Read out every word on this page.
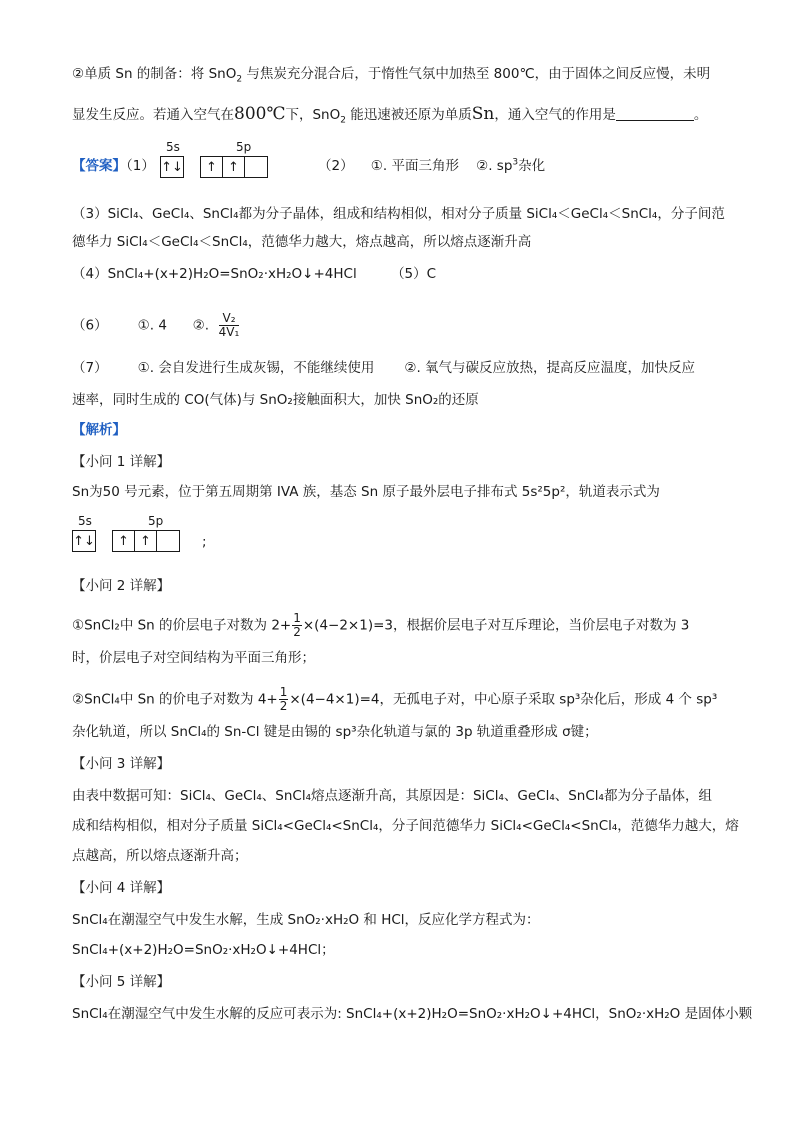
②单质 Sn 的制备：将 SnO$_2$ 与焦炭充分混合后，于惰性气氛中加热至 800℃，由于固体之间反应慢，未明
显发生反应。若通入空气在800℃下，SnO$_2$ 能迅速被还原为单质Sn，通入空气的作用是	。
【答案】（1）
5s	5p
↑↓	↑ ↑	（2） ①. 平面三角形 ②. $sp^3$杂化
（3）SiCl₄、GeCl₄、SnCl₄都为分子晶体，组成和结构相似，相对分子质量 SiCl₄＜GeCl₄＜SnCl₄，分子间范
德华力 SiCl₄＜GeCl₄＜SnCl₄，范德华力越大，熔点越高，所以熔点逐渐升高
（4）SnCl₄+(x+2)H₂O=SnO₂·xH₂O↓+4HCl	（5）C
（6） ①. 4 ②. $\frac{\text{V₂}}{\text{4V₁}}$
（7） ①. 会自发进行生成灰锡，不能继续使用 ②. 氧气与碳反应放热，提高反应温度，加快反应
速率，同时生成的 CO(气体)与 SnO₂接触面积大，加快 SnO₂的还原
【解析】
【小问 1 详解】
Sn为50 号元素，位于第五周期第 IVA 族，基态 Sn 原子最外层电子排布式 5s²5p²，轨道表示式为
5s	5p
↑↓	↑ ↑	;
【小问 2 详解】
①SnCl₂中 Sn 的价层电子对数为 $2+ \frac{1}{2} \times(4-2\times 1)=3$，根据价层电子对互斥理论，当价层电子对数为 3
时，价层电子对空间结构为平面三角形；
②SnCl₄中 Sn 的价电子对数为 $4+ \frac{1}{2} \times(4-4\times 1)=4$，无孤电子对，中心原子采取 sp³杂化后，形成 4 个 sp³
杂化轨道，所以 SnCl₄的 Sn-Cl 键是由锡的 sp³杂化轨道与氯的 3p 轨道重叠形成 σ键；
【小问 3 详解】
由表中数据可知：SiCl₄、GeCl₄、SnCl₄熔点逐渐升高，其原因是：SiCl₄、GeCl₄、SnCl₄都为分子晶体，组
成和结构相似，相对分子质量 SiCl₄<GeCl₄<SnCl₄，分子间范德华力 SiCl₄<GeCl₄<SnCl₄，范德华力越大，熔
点越高，所以熔点逐渐升高；
【小问 4 详解】
SnCl₄在潮湿空气中发生水解，生成 SnO₂·xH₂O 和 HCl，反应化学方程式为：
SnCl₄+(x+2)H₂O=SnO₂·xH₂O↓+4HCl；
【小问 5 详解】
SnCl₄在潮湿空气中发生水解的反应可表示为: SnCl₄+(x+2)H₂O=SnO₂·xH₂O↓+4HCl，SnO₂·xH₂O 是固体小颗
